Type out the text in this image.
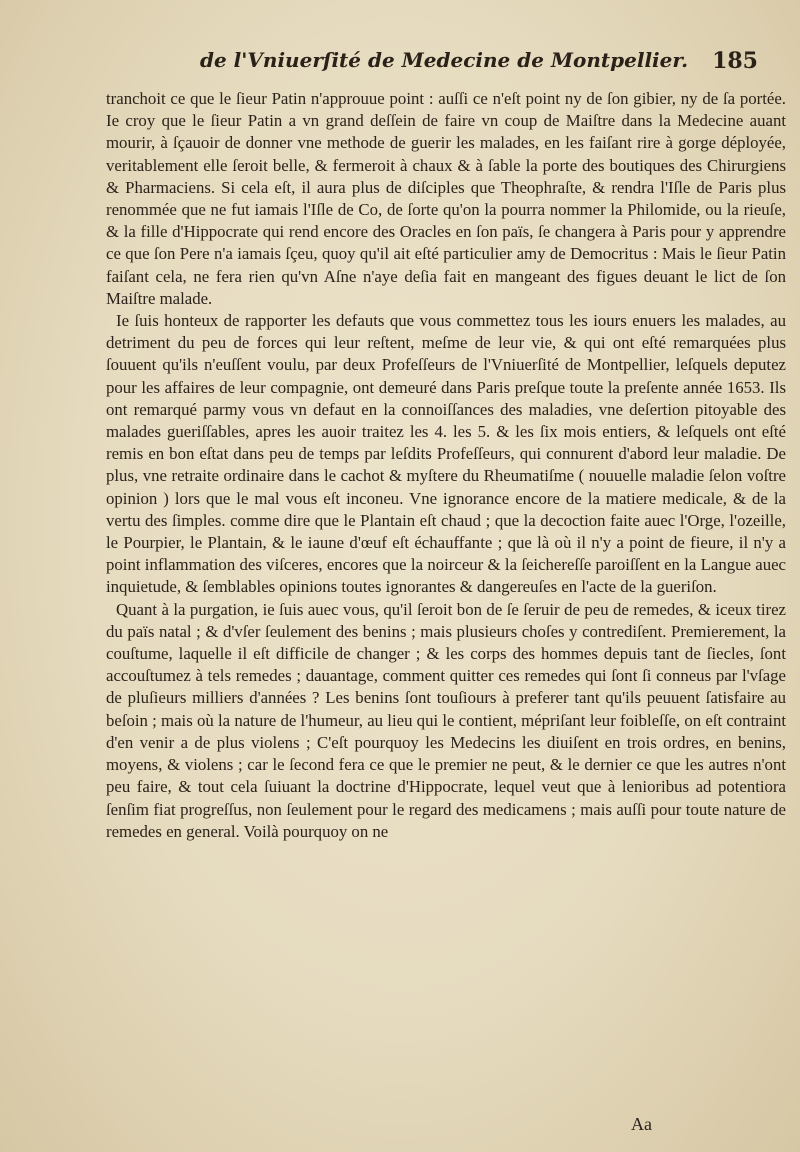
de l'Vniuerſité de Medecine de Montpellier. 185

tranchoit ce que le ſieur Patin n'approuue point : auſſi ce n'eſt point ny de ſon gibier, ny de ſa portée. Ie croy que le ſieur Patin a vn grand deſſein de faire vn coup de Maiſtre dans la Medecine auant mourir, à ſçauoir de donner vne methode de guerir les malades, en les faiſant rire à gorge déployée, veritablement elle ſeroit belle, & fermeroit à chaux & à ſable la porte des boutiques des Chirurgiens & Pharmaciens. Si cela eſt, il aura plus de diſciples que Theophraſte, & rendra l'Iſle de Paris plus renommée que ne fut iamais l'Iſle de Co, de ſorte qu'on la pourra nommer la Philomide, ou la rieuſe, & la fille d'Hippocrate qui rend encore des Oracles en ſon païs, ſe changera à Paris pour y apprendre ce que ſon Pere n'a iamais ſçeu, quoy qu'il ait eſté particulier amy de Democritus : Mais le ſieur Patin faiſant cela, ne fera rien qu'vn Aſne n'aye deſia fait en mangeant des figues deuant le lict de ſon Maiſtre malade.

Ie ſuis honteux de rapporter les defauts que vous commettez tous les iours enuers les malades, au detriment du peu de forces qui leur reſtent, meſme de leur vie, & qui ont eſté remarquées plus ſouuent qu'ils n'euſſent voulu, par deux Profeſſeurs de l'Vniuerſité de Montpellier, leſquels deputez pour les affaires de leur compagnie, ont demeuré dans Paris preſque toute la preſente année 1653. Ils ont remarqué parmy vous vn defaut en la connoiſſances des maladies, vne deſertion pitoyable des malades gueriſſables, apres les auoir traitez les 4. les 5. & les ſix mois entiers, & leſquels ont eſté remis en bon eſtat dans peu de temps par leſdits Profeſſeurs, qui connurent d'abord leur maladie. De plus, vne retraite ordinaire dans le cachot & myſtere du Rheumatiſme ( nouuelle maladie ſelon voſtre opinion ) lors que le mal vous eſt inconeu. Vne ignorance encore de la matiere medicale, & de la vertu des ſimples. comme dire que le Plantain eſt chaud ; que la decoction faite auec l'Orge, l'ozeille, le Pourpier, le Plantain, & le iaune d'œuf eſt échauffante ; que là où il n'y a point de fieure, il n'y a point inflammation des viſceres, encores que la noirceur & la ſeichereſſe paroiſſent en la Langue auec inquietude, & ſemblables opinions toutes ignorantes & dangereuſes en l'acte de la gueriſon.

Quant à la purgation, ie ſuis auec vous, qu'il ſeroit bon de ſe ſeruir de peu de remedes, & iceux tirez du païs natal ; & d'vſer ſeulement des benins ; mais plusieurs choſes y contrediſent. Premierement, la couſtume, laquelle il eſt difficile de changer ; & les corps des hommes depuis tant de ſiecles, ſont accouſtumez à tels remedes ; dauantage, comment quitter ces remedes qui ſont ſi conneus par l'vſage de pluſieurs milliers d'années ? Les benins ſont touſiours à preferer tant qu'ils peuuent ſatisfaire au beſoin ; mais où la nature de l'humeur, au lieu qui le contient, mépriſant leur foibleſſe, on eſt contraint d'en venir a de plus violens ; C'eſt pourquoy les Medecins les diuiſent en trois ordres, en benins, moyens, & violens ; car le ſecond fera ce que le premier ne peut, & le dernier ce que les autres n'ont peu faire, & tout cela ſuiuant la doctrine d'Hippocrate, lequel veut que à lenioribus ad potentiora ſenſim fiat progreſſus, non ſeulement pour le regard des medicamens ; mais auſſi pour toute nature de remedes en general. Voilà pourquoy on ne

Aa
